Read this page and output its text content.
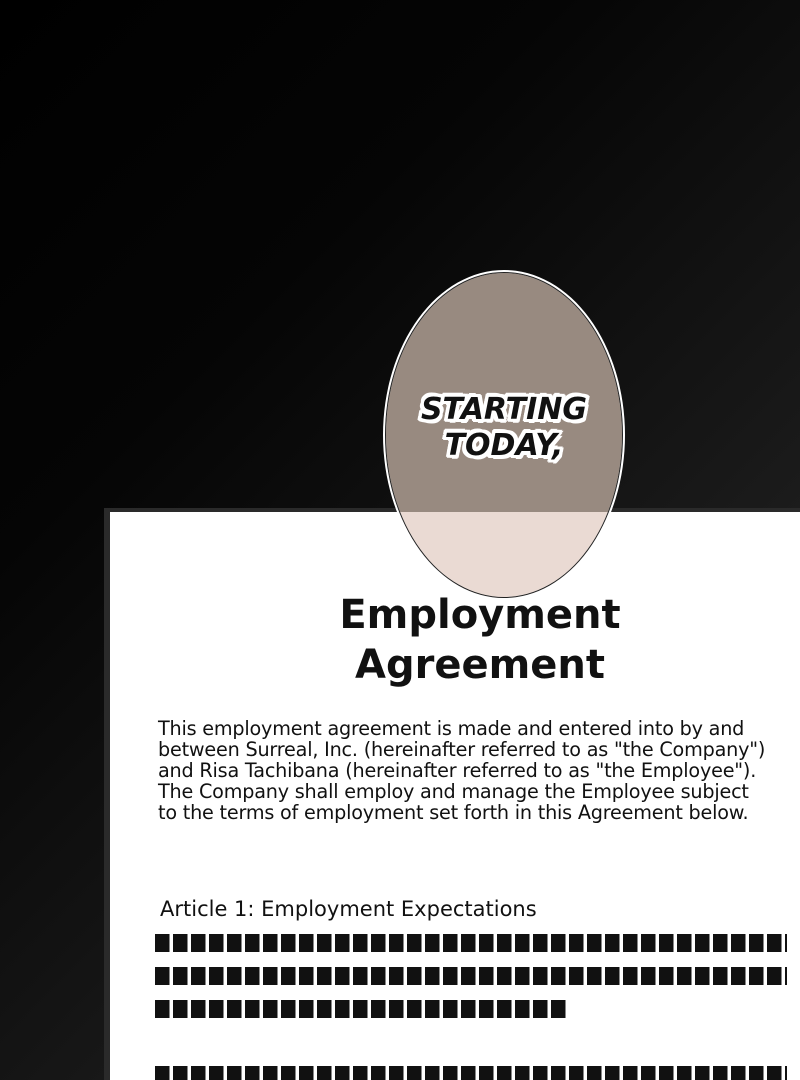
STARTING
TODAY,

Employment
Agreement

This employment agreement is made and entered into by and
between Surreal, Inc. (hereinafter referred to as "the Company")
and Risa Tachibana (hereinafter referred to as "the Employee").
The Company shall employ and manage the Employee subject
to the terms of employment set forth in this Agreement below.

Article 1: Employment Expectations
